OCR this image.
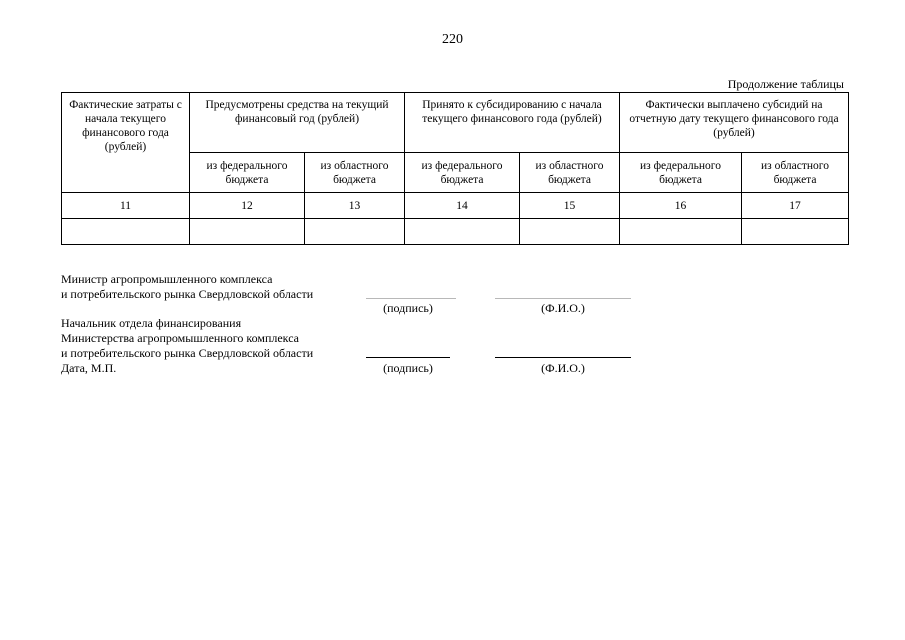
220
Продолжение таблицы
Фактические затраты с начала текущего финансового года (рублей)	Предусмотрены средства на текущий финансовый год (рублей)		Принято к субсидированию с начала текущего финансового года (рублей)		Фактически выплачено субсидий на отчетную дату текущего финансового года (рублей)	
	из федерального бюджета	из областного бюджета	из федерального бюджета	из областного бюджета	из федерального бюджета	из областного бюджета
11	12	13	14	15	16	17

Министр агропромышленного комплекса
и потребительского рынка Свердловской области
(подпись)	(Ф.И.О.)
Начальник отдела финансирования
Министерства агропромышленного комплекса
и потребительского рынка Свердловской области
Дата, М.П.	(подпись)	(Ф.И.О.)
